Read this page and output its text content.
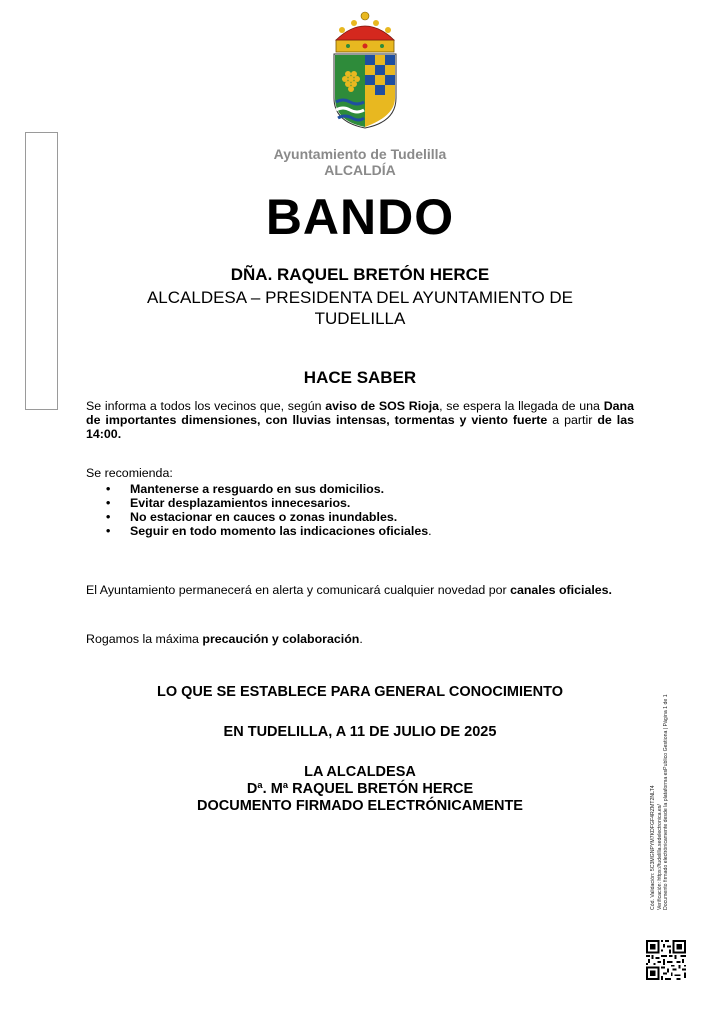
Ayuntamiento de Tudelilla
ALCALDÍA
BANDO
DÑA. RAQUEL BRETÓN HERCE
ALCALDESA – PRESIDENTA DEL AYUNTAMIENTO DE TUDELILLA
HACE SABER
Se informa a todos los vecinos que, según aviso de SOS Rioja, se espera la llegada de una Dana de importantes dimensiones, con lluvias intensas, tormentas y viento fuerte a partir de las 14:00.
Se recomienda:
• Mantenerse a resguardo en sus domicilios.
• Evitar desplazamientos innecesarios.
• No estacionar en cauces o zonas inundables.
• Seguir en todo momento las indicaciones oficiales.
El Ayuntamiento permanecerá en alerta y comunicará cualquier novedad por canales oficiales.
Rogamos la máxima precaución y colaboración.
LO QUE SE ESTABLECE PARA GENERAL CONOCIMIENTO
EN TUDELILLA, A 11 DE JULIO DE 2025
LA ALCALDESA
Dª. Mª RAQUEL BRETÓN HERCE
DOCUMENTO FIRMADO ELECTRÓNICAMENTE	Cód. Validación: 5C3MGNPYM7KDFGF4RZMT2NLT4 Verificación: https://tudelilla.sedelectronica.es/ Documento firmado electrónicamente desde la plataforma esPublico Gestiona | Página 1 de 1
